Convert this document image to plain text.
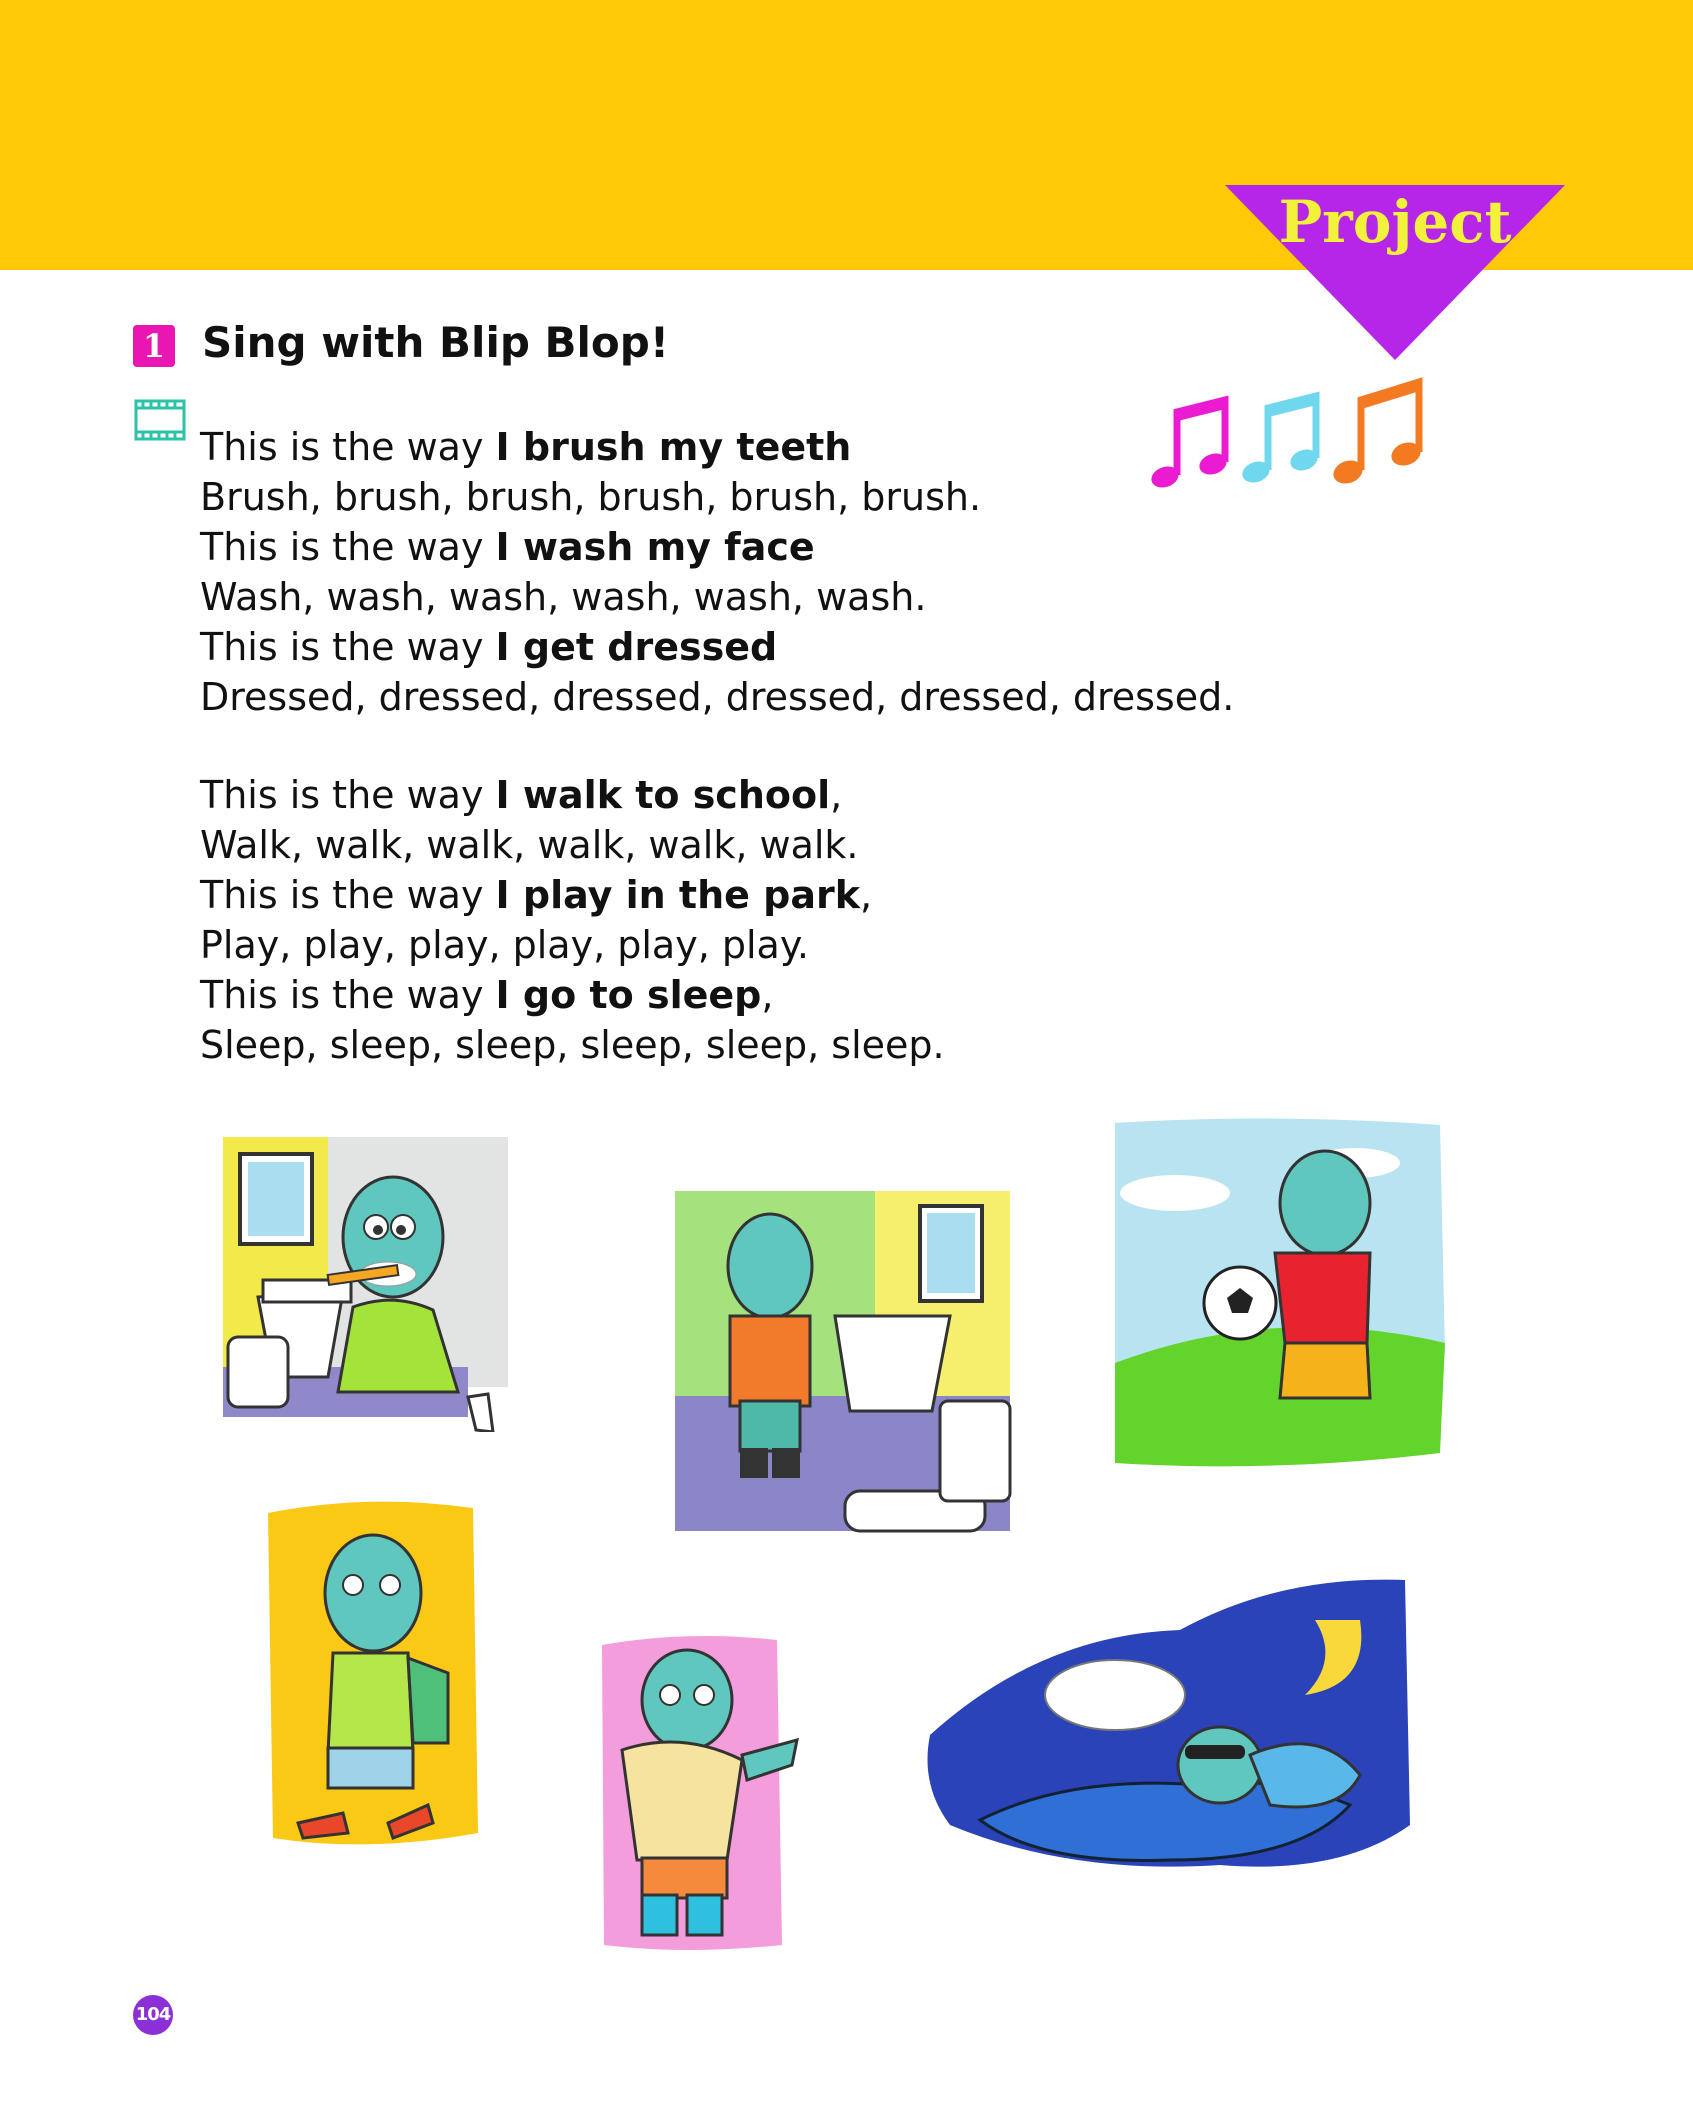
Project
1 Sing with Blip Blop!
This is the way I brush my teeth
Brush, brush, brush, brush, brush, brush.
This is the way I wash my face
Wash, wash, wash, wash, wash, wash.
This is the way I get dressed
Dressed, dressed, dressed, dressed, dressed, dressed.
This is the way I walk to school,
Walk, walk, walk, walk, walk, walk.
This is the way I play in the park,
Play, play, play, play, play, play.
This is the way I go to sleep,
Sleep, sleep, sleep, sleep, sleep, sleep.
104
